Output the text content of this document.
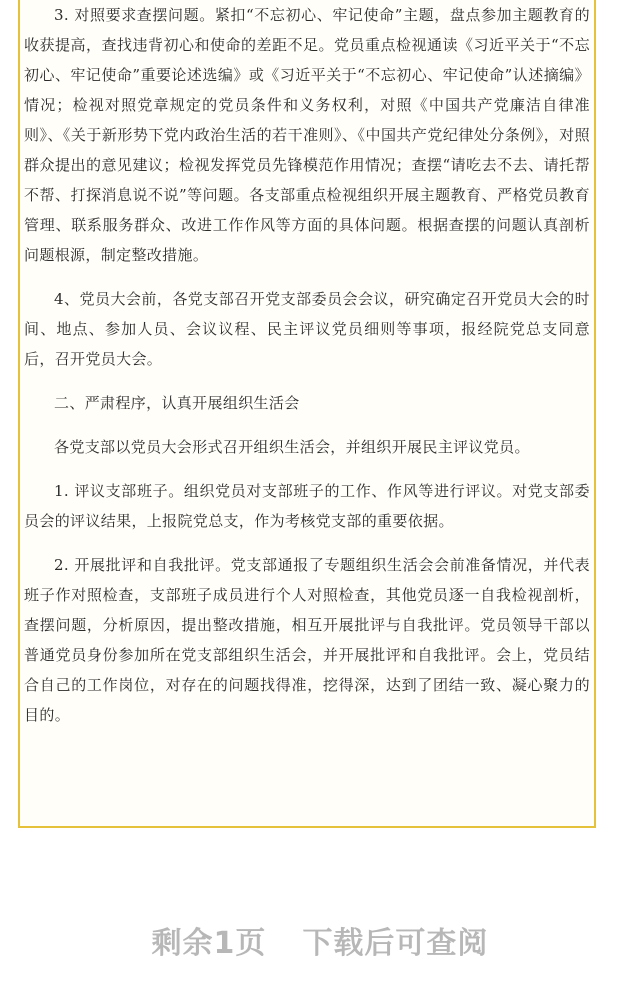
3. 对照要求查摆问题。紧扣“不忘初心、牢记使命”主题，盘点参加主题教育的收获提高，查找违背初心和使命的差距不足。党员重点检视通读《习近平关于“不忘初心、牢记使命”重要论述选编》或《习近平关于“不忘初心、牢记使命”认述摘编》情况；检视对照党章规定的党员条件和义务权利，对照《中国共产党廉洁自律准则》、《关于新形势下党内政治生活的若干准则》、《中国共产党纪律处分条例》，对照群众提出的意见建议；检视发挥党员先锋模范作用情况；查摆“请吃去不去、请托帮不帮、打探消息说不说”等问题。各支部重点检视组织开展主题教育、严格党员教育管理、联系服务群众、改进工作作风等方面的具体问题。根据查摆的问题认真剖析问题根源，制定整改措施。

4、党员大会前，各党支部召开党支部委员会会议，研究确定召开党员大会的时间、地点、参加人员、会议议程、民主评议党员细则等事项，报经院党总支同意后，召开党员大会。

二、严肃程序，认真开展组织生活会

各党支部以党员大会形式召开组织生活会，并组织开展民主评议党员。

1. 评议支部班子。组织党员对支部班子的工作、作风等进行评议。对党支部委员会的评议结果，上报院党总支，作为考核党支部的重要依据。

2. 开展批评和自我批评。党支部通报了专题组织生活会会前准备情况，并代表班子作对照检查，支部班子成员进行个人对照检查，其他党员逐一自我检视剖析，查摆问题，分析原因，提出整改措施，相互开展批评与自我批评。党员领导干部以普通党员身份参加所在党支部组织生活会，并开展批评和自我批评。会上，党员结合自己的工作岗位，对存在的问题找得准，挖得深，达到了团结一致、凝心聚力的目的。

剩余1页 下载后可查阅
